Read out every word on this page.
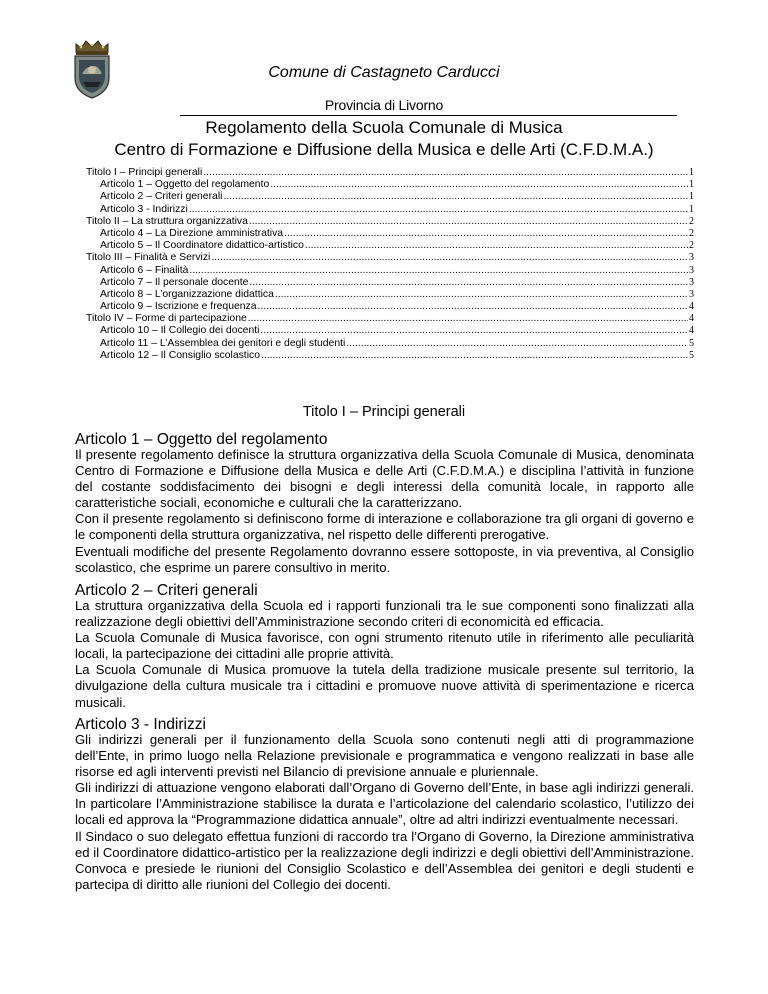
Comune di Castagneto Carducci
Provincia di Livorno
Regolamento della Scuola Comunale di Musica
Centro di Formazione e Diffusione della Musica e delle Arti (C.F.D.M.A.)
Titolo I – Principi generali .....	1
Articolo 1 – Oggetto del regolamento .....	1
Articolo 2 – Criteri generali .....	1
Articolo 3 - Indirizzi .....	1
Titolo II – La struttura organizzativa .....	2
Articolo 4 – La Direzione amministrativa .....	2
Articolo 5 – Il Coordinatore didattico-artistico .....	2
Titolo III – Finalità e Servizi .....	3
Articolo 6 – Finalità .....	3
Articolo 7 – Il personale docente .....	3
Articolo 8 – L’organizzazione didattica .....	3
Articolo 9 – Iscrizione e frequenza .....	4
Titolo IV – Forme di partecipazione .....	4
Articolo 10 – Il Collegio dei docenti .....	4
Articolo 11 – L’Assemblea dei genitori e degli studenti .....	5
Articolo 12 – Il Consiglio scolastico .....	5
Titolo I – Principi generali
Articolo 1 – Oggetto del regolamento

Il presente regolamento definisce la struttura organizzativa della Scuola Comunale di Musica, denominata Centro di Formazione e Diffusione della Musica e delle Arti (C.F.D.M.A.) e disciplina l’attività in funzione del costante soddisfacimento dei bisogni e degli interessi della comunità locale, in rapporto alle caratteristiche sociali, economiche e culturali che la caratterizzano.

Con il presente regolamento si definiscono forme di interazione e collaborazione tra gli organi di governo e le componenti della struttura organizzativa, nel rispetto delle differenti prerogative.

Eventuali modifiche del presente Regolamento dovranno essere sottoposte, in via preventiva, al Consiglio scolastico, che esprime un parere consultivo in merito.

Articolo 2 – Criteri generali

La struttura organizzativa della Scuola ed i rapporti funzionali tra le sue componenti sono finalizzati alla realizzazione degli obiettivi dell’Amministrazione secondo criteri di economicità ed efficacia.

La Scuola Comunale di Musica favorisce, con ogni strumento ritenuto utile in riferimento alle peculiarità locali, la partecipazione dei cittadini alle proprie attività.

La Scuola Comunale di Musica promuove la tutela della tradizione musicale presente sul territorio, la divulgazione della cultura musicale tra i cittadini e promuove nuove attività di sperimentazione e ricerca musicali.

Articolo 3 - Indirizzi

Gli indirizzi generali per il funzionamento della Scuola sono contenuti negli atti di programmazione dell’Ente, in primo luogo nella Relazione previsionale e programmatica e vengono realizzati in base alle risorse ed agli interventi previsti nel Bilancio di previsione annuale e pluriennale.

Gli indirizzi di attuazione vengono elaborati dall’Organo di Governo dell’Ente, in base agli indirizzi generali. In particolare l’Amministrazione stabilisce la durata e l’articolazione del calendario scolastico, l’utilizzo dei locali ed approva la “Programmazione didattica annuale”, oltre ad altri indirizzi eventualmente necessari.

Il Sindaco o suo delegato effettua funzioni di raccordo tra l’Organo di Governo, la Direzione amministrativa ed il Coordinatore didattico-artistico per la realizzazione degli indirizzi e degli obiettivi dell’Amministrazione. Convoca e presiede le riunioni del Consiglio Scolastico e dell’Assemblea dei genitori e degli studenti e partecipa di diritto alle riunioni del Collegio dei docenti.
